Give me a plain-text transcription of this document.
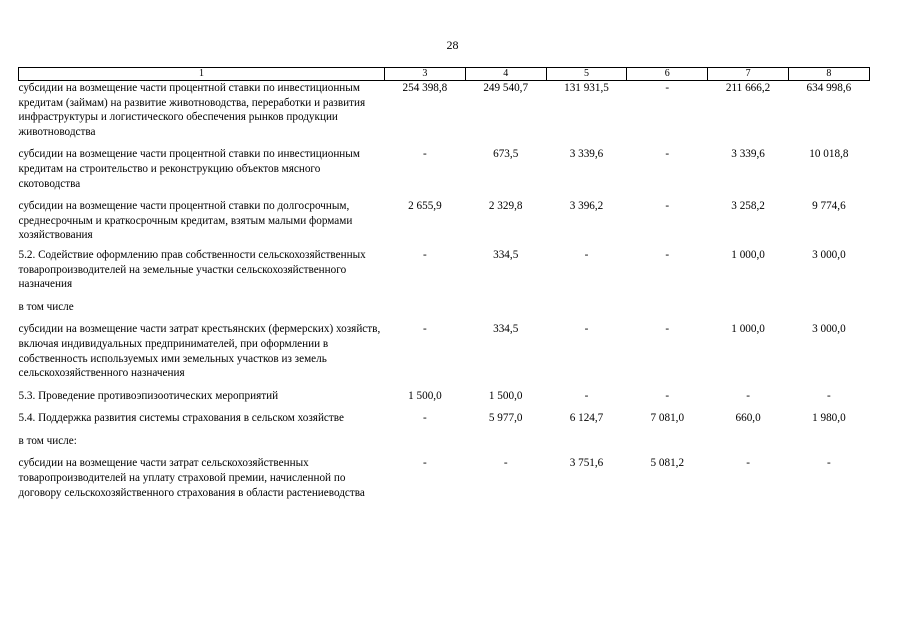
28
1	3	4	5	6	7	8
субсидии на возмещение части процентной ставки по инвестиционным кредитам (займам) на развитие животноводства, переработки и развития инфраструктуры и логистического обеспечения рынков продукции животноводства	254 398,8	249 540,7	131 931,5	-	211 666,2	634 998,6
субсидии на возмещение части процентной ставки по инвестиционным кредитам на строительство и реконструкцию объектов мясного скотоводства	-	673,5	3 339,6	-	3 339,6	10 018,8
субсидии на возмещение части процентной ставки по долгосрочным, среднесрочным и краткосрочным кредитам, взятым малыми формами хозяйствования	2 655,9	2 329,8	3 396,2	-	3 258,2	9 774,6
5.2. Содействие оформлению прав собственности сельскохозяйственных товаропроизводителей на земельные участки сельскохозяйственного назначения	-	334,5	-	-	1 000,0	3 000,0
в том числе						
субсидии на возмещение части затрат крестьянских (фермерских) хозяйств, включая индивидуальных предпринимателей, при оформлении в собственность используемых ими земельных участков из земель сельскохозяйственного назначения	-	334,5	-	-	1 000,0	3 000,0
5.3. Проведение противоэпизоотических мероприятий	1 500,0	1 500,0	-	-	-	-
5.4. Поддержка развития системы страхования в сельском хозяйстве	-	5 977,0	6 124,7	7 081,0	660,0	1 980,0
в том числе:						
субсидии на возмещение части затрат сельскохозяйственных товаропроизводителей на уплату страховой премии, начисленной по договору сельскохозяйственного страхования в области растениеводства	-	-	3 751,6	5 081,2	-	-
